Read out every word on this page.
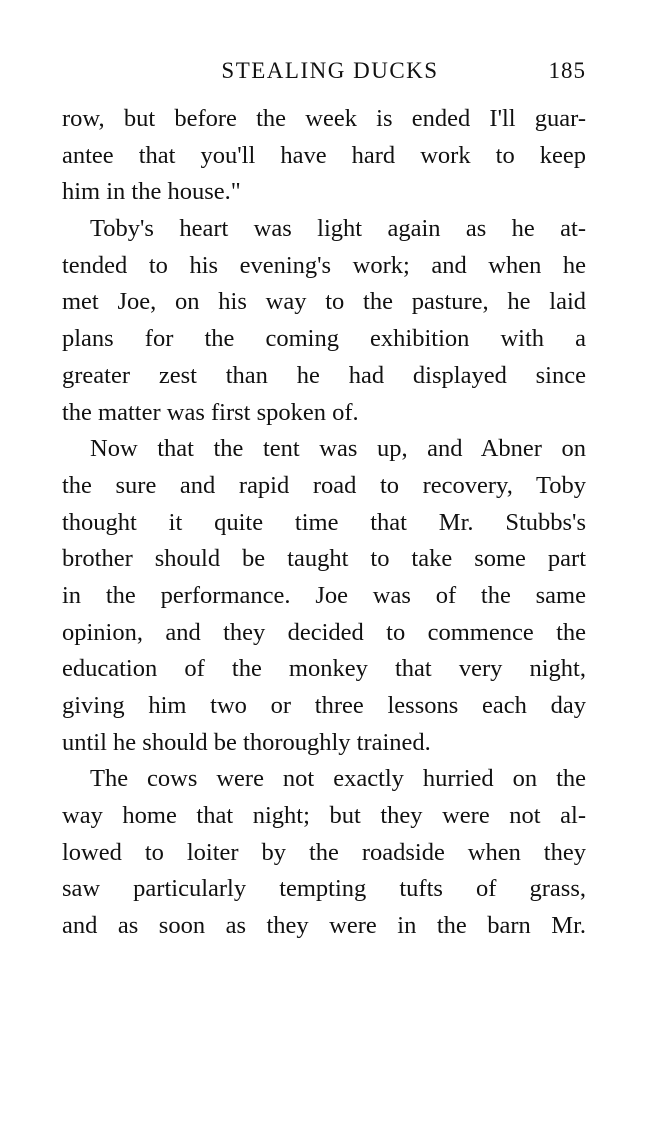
STEALING DUCKS	185
row, but before the week is ended I'll guar-
antee that you'll have hard work to keep
him in the house."
Toby's heart was light again as he at-
tended to his evening's work; and when he
met Joe, on his way to the pasture, he laid
plans for the coming exhibition with a
greater zest than he had displayed since
the matter was first spoken of.
Now that the tent was up, and Abner on
the sure and rapid road to recovery, Toby
thought it quite time that Mr. Stubbs's
brother should be taught to take some part
in the performance. Joe was of the same
opinion, and they decided to commence the
education of the monkey that very night,
giving him two or three lessons each day
until he should be thoroughly trained.
The cows were not exactly hurried on the
way home that night; but they were not al-
lowed to loiter by the roadside when they
saw particularly tempting tufts of grass,
and as soon as they were in the barn Mr.
